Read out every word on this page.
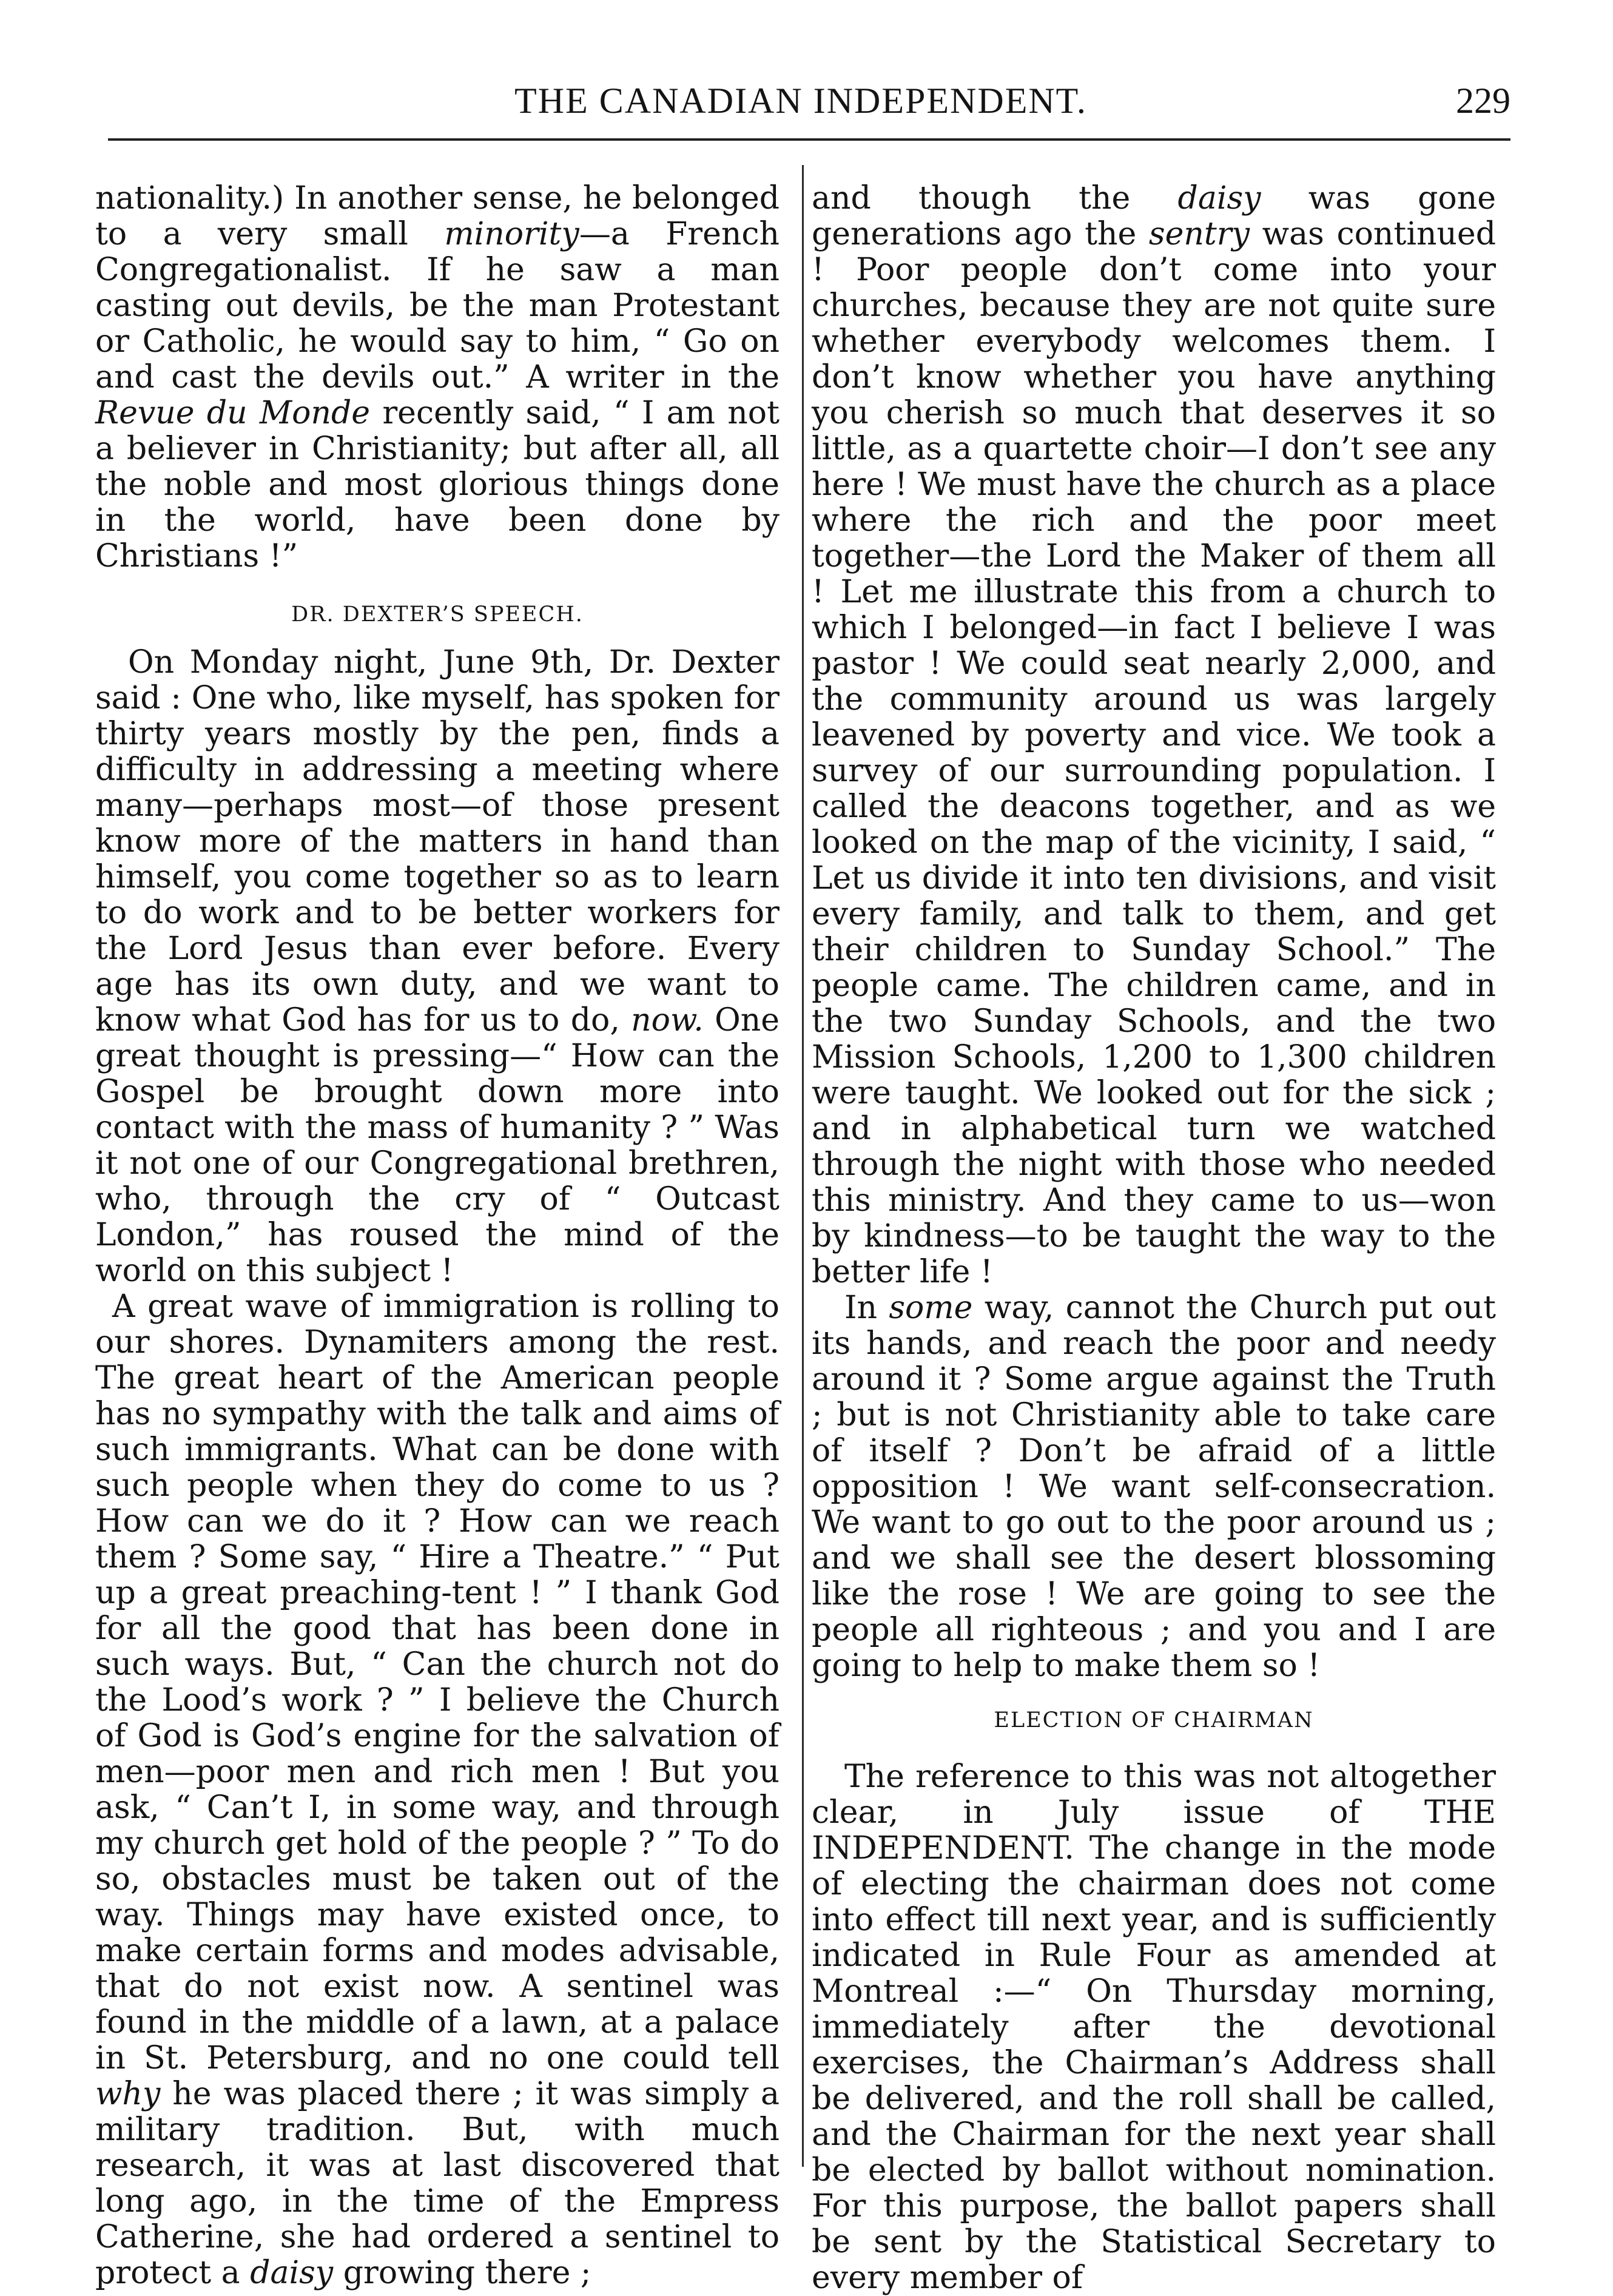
THE CANADIAN INDEPENDENT.	229

nationality.) In another sense, he belonged to a very small minority—a French Congregationalist. If he saw a man casting out devils, be the man Protestant or Catholic, he would say to him, “ Go on and cast the devils out.” A writer in the Revue du Monde recently said, “ I am not a believer in Christianity; but after all, all the noble and most glorious things done in the world, have been done by Christians !”

DR. DEXTER’S SPEECH.

On Monday night, June 9th, Dr. Dexter said : One who, like myself, has spoken for thirty years mostly by the pen, finds a difficulty in addressing a meeting where many—perhaps most—of those present know more of the matters in hand than himself, you come together so as to learn to do work and to be better workers for the Lord Jesus than ever before. Every age has its own duty, and we want to know what God has for us to do, now. One great thought is pressing—“ How can the Gospel be brought down more into contact with the mass of humanity ? ” Was it not one of our Congregational brethren, who, through the cry of “ Outcast London,” has roused the mind of the world on this subject !

A great wave of immigration is rolling to our shores. Dynamiters among the rest. The great heart of the American people has no sympathy with the talk and aims of such immigrants. What can be done with such people when they do come to us ? How can we do it ? How can we reach them ? Some say, “ Hire a Theatre.” “ Put up a great preaching-tent ! ” I thank God for all the good that has been done in such ways. But, “ Can the church not do the Lood’s work ? ” I believe the Church of God is God’s engine for the salvation of men—poor men and rich men ! But you ask, “ Can’t I, in some way, and through my church get hold of the people ? ” To do so, obstacles must be taken out of the way. Things may have existed once, to make certain forms and modes advisable, that do not exist now. A sentinel was found in the middle of a lawn, at a palace in St. Petersburg, and no one could tell why he was placed there ; it was simply a military tradition. But, with much research, it was at last discovered that long ago, in the time of the Empress Catherine, she had ordered a sentinel to protect a daisy growing there ;

and though the daisy was gone generations ago the sentry was continued ! Poor people don’t come into your churches, because they are not quite sure whether everybody welcomes them. I don’t know whether you have anything you cherish so much that deserves it so little, as a quartette choir—I don’t see any here ! We must have the church as a place where the rich and the poor meet together—the Lord the Maker of them all ! Let me illustrate this from a church to which I belonged—in fact I believe I was pastor ! We could seat nearly 2,000, and the community around us was largely leavened by poverty and vice. We took a survey of our surrounding population. I called the deacons together, and as we looked on the map of the vicinity, I said, “ Let us divide it into ten divisions, and visit every family, and talk to them, and get their children to Sunday School.” The people came. The children came, and in the two Sunday Schools, and the two Mission Schools, 1,200 to 1,300 children were taught. We looked out for the sick ; and in alphabetical turn we watched through the night with those who needed this ministry. And they came to us—won by kindness—to be taught the way to the better life !

In some way, cannot the Church put out its hands, and reach the poor and needy around it ? Some argue against the Truth ; but is not Christianity able to take care of itself ? Don’t be afraid of a little opposition ! We want self-consecration. We want to go out to the poor around us ; and we shall see the desert blossoming like the rose ! We are going to see the people all righteous ; and you and I are going to help to make them so !

ELECTION OF CHAIRMAN

The reference to this was not altogether clear, in July issue of THE INDEPENDENT. The change in the mode of electing the chairman does not come into effect till next year, and is sufficiently indicated in Rule Four as amended at Montreal :—“ On Thursday morning, immediately after the devotional exercises, the Chairman’s Address shall be delivered, and the roll shall be called, and the Chairman for the next year shall be elected by ballot without nomination. For this purpose, the ballot papers shall be sent by the Statistical Secretary to every member of
